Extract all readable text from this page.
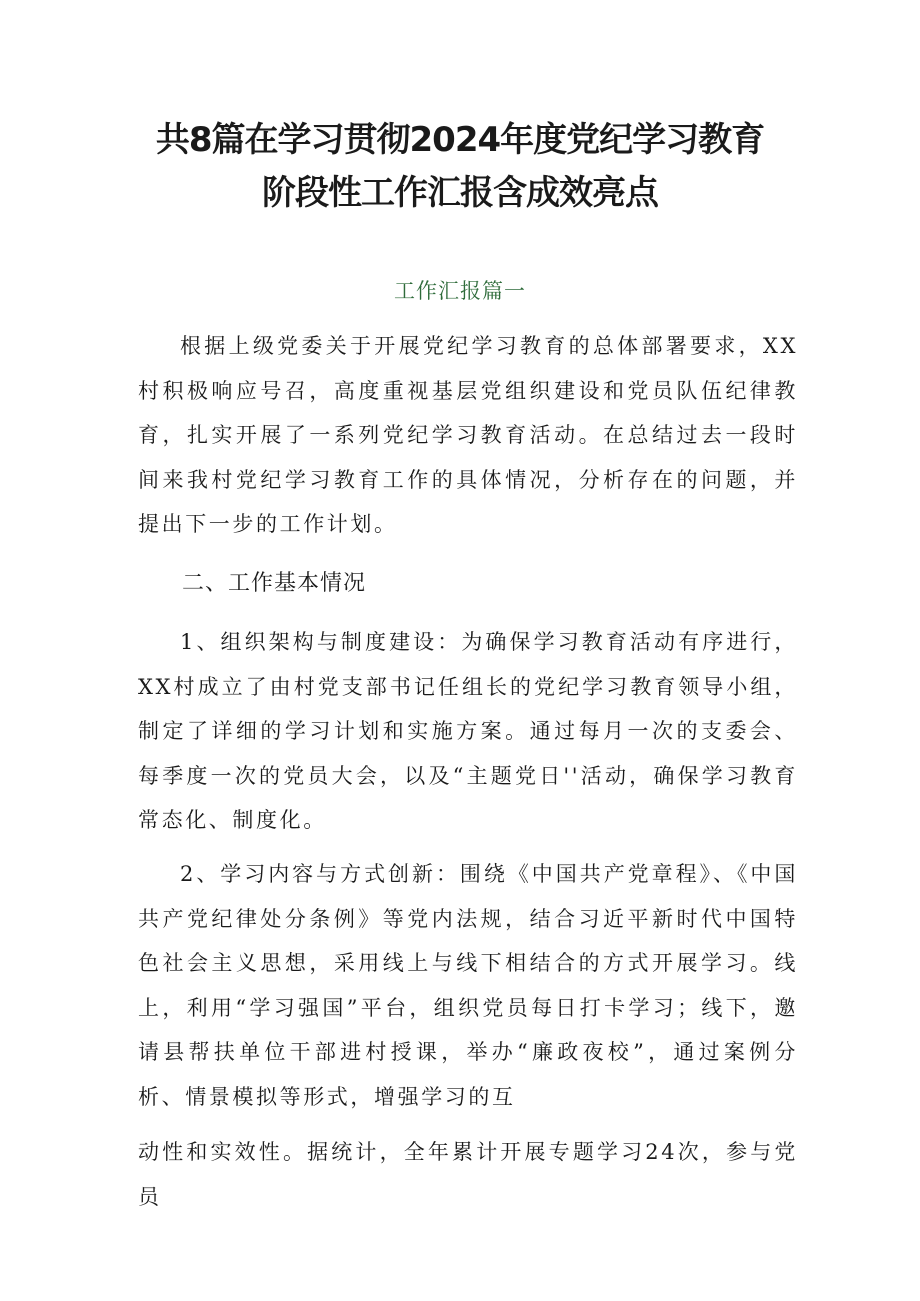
共8篇在学习贯彻2024年度党纪学习教育
阶段性工作汇报含成效亮点
工作汇报篇一

根据上级党委关于开展党纪学习教育的总体部署要求，XX村积极响应号召，高度重视基层党组织建设和党员队伍纪律教育，扎实开展了一系列党纪学习教育活动。在总结过去一段时间来我村党纪学习教育工作的具体情况，分析存在的问题，并提出下一步的工作计划。

二、工作基本情况

1、组织架构与制度建设：为确保学习教育活动有序进行，XX村成立了由村党支部书记任组长的党纪学习教育领导小组，制定了详细的学习计划和实施方案。通过每月一次的支委会、每季度一次的党员大会，以及“主题党日''活动，确保学习教育常态化、制度化。

2、学习内容与方式创新：围绕《中国共产党章程》、《中国共产党纪律处分条例》等党内法规，结合习近平新时代中国特色社会主义思想，采用线上与线下相结合的方式开展学习。线上，利用“学习强国”平台，组织党员每日打卡学习；线下，邀请县帮扶单位干部进村授课，举办“廉政夜校”，通过案例分析、情景模拟等形式，增强学习的互

动性和实效性。据统计，全年累计开展专题学习24次，参与党员
